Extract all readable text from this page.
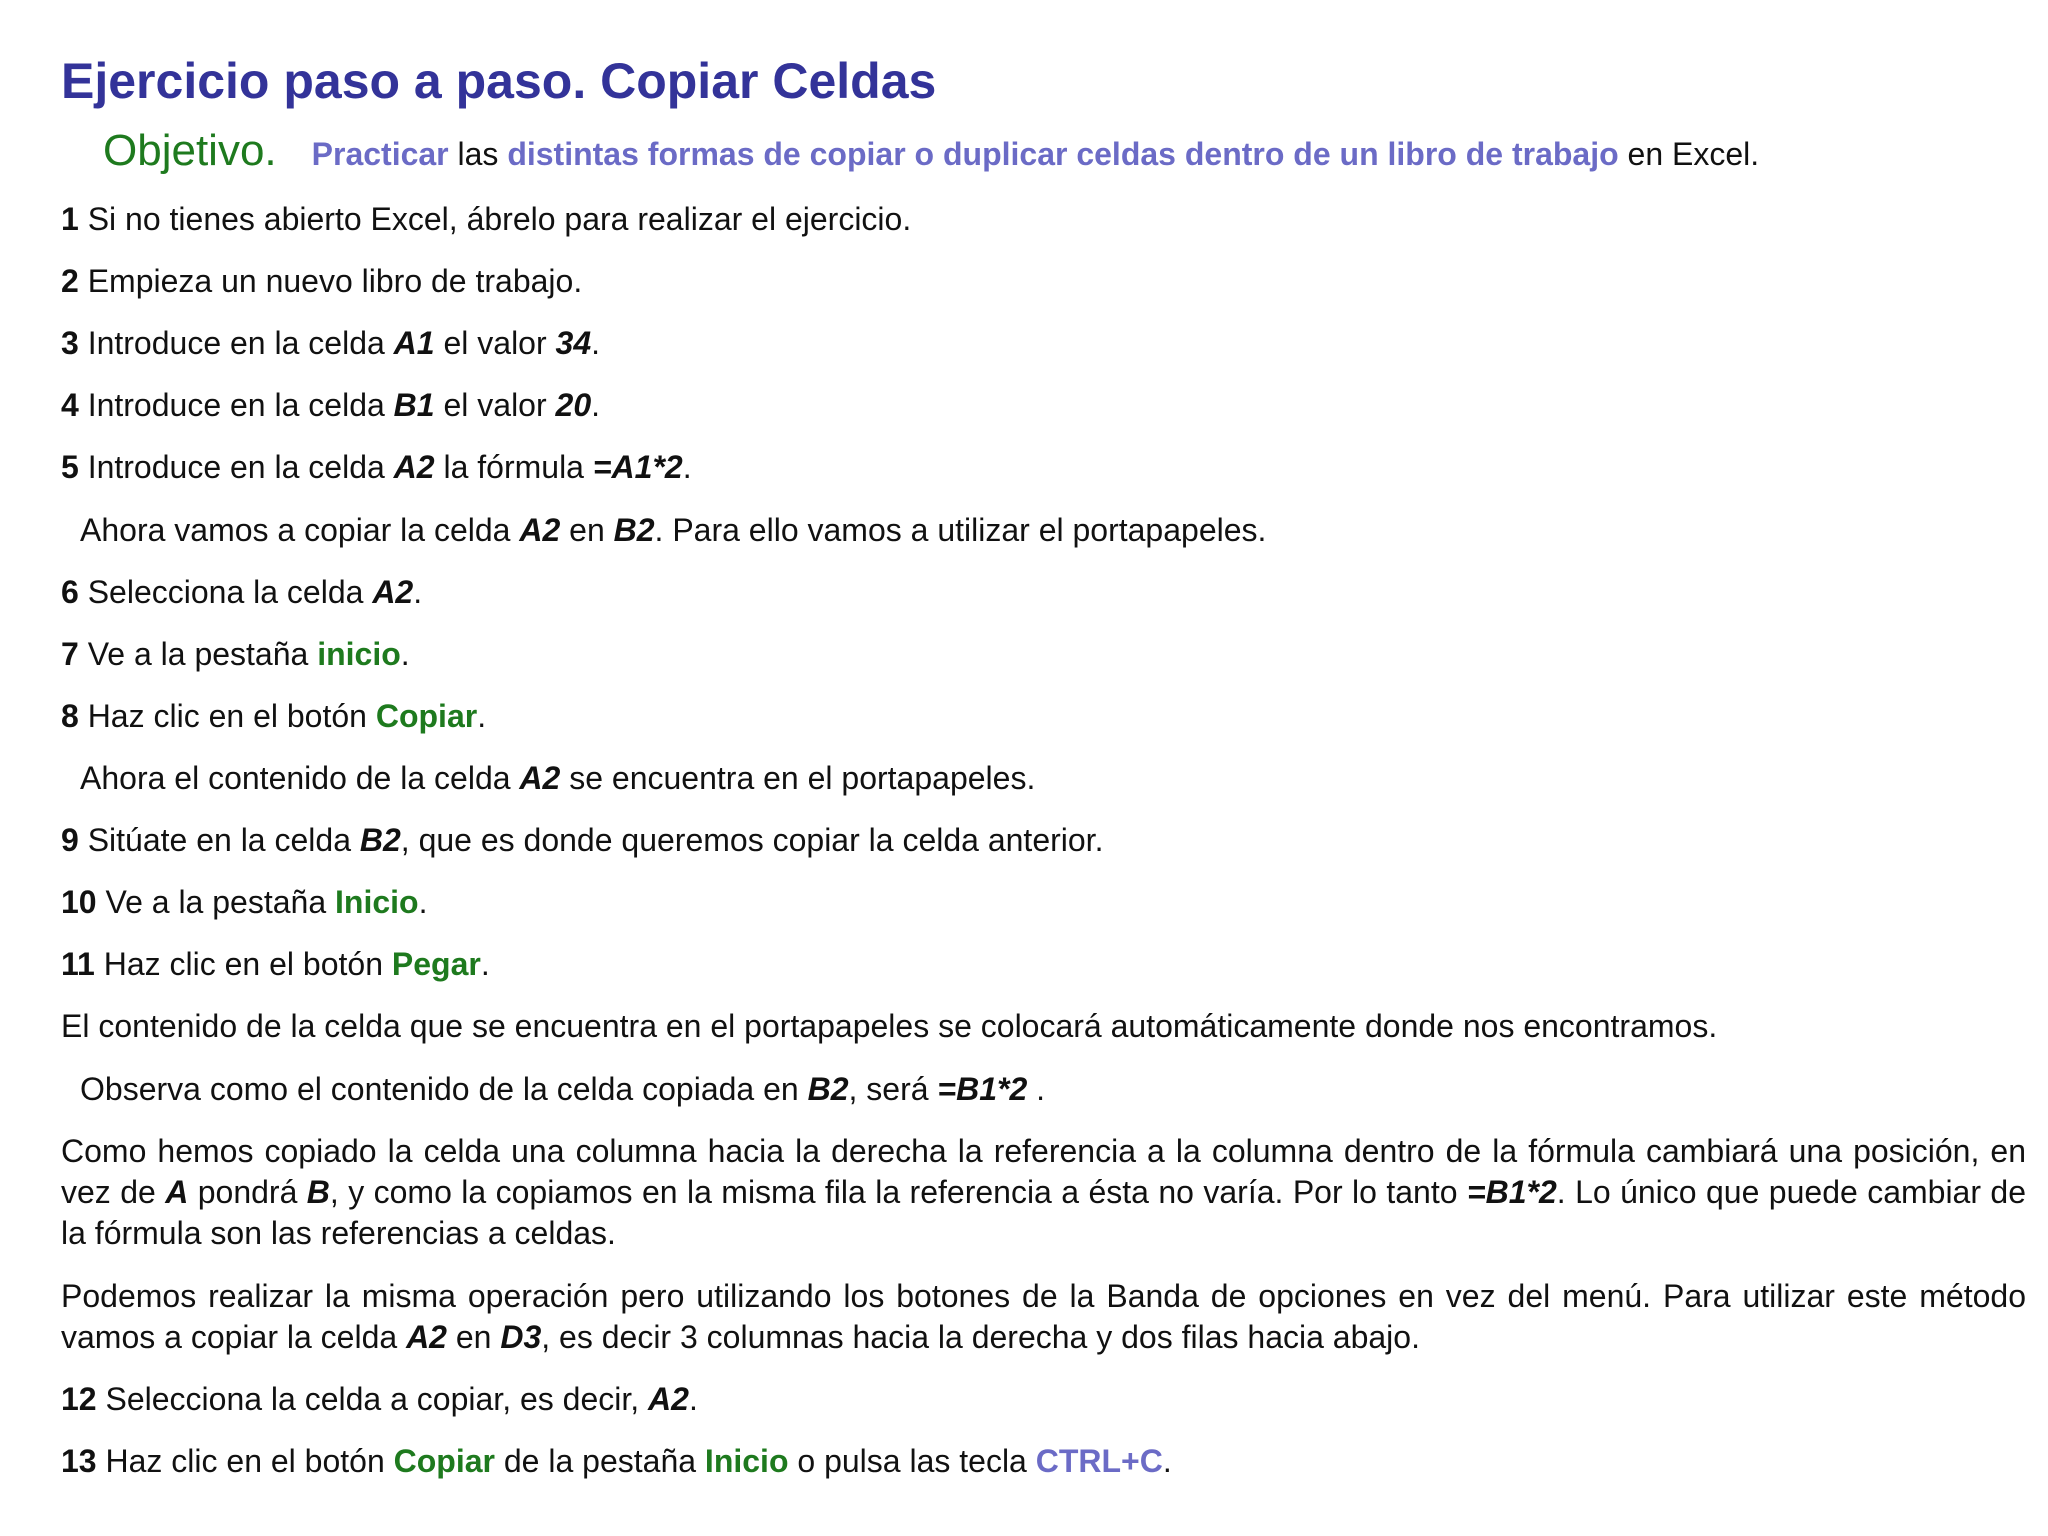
Ejercicio paso a paso. Copiar Celdas
Objetivo. Practicar las distintas formas de copiar o duplicar celdas dentro de un libro de trabajo en Excel.
1 Si no tienes abierto Excel, ábrelo para realizar el ejercicio.
2 Empieza un nuevo libro de trabajo.
3 Introduce en la celda A1 el valor 34.
4 Introduce en la celda B1 el valor 20.
5 Introduce en la celda A2 la fórmula =A1*2.
Ahora vamos a copiar la celda A2 en B2. Para ello vamos a utilizar el portapapeles.
6 Selecciona la celda A2.
7 Ve a la pestaña inicio.
8 Haz clic en el botón Copiar.
Ahora el contenido de la celda A2 se encuentra en el portapapeles.
9 Sitúate en la celda B2, que es donde queremos copiar la celda anterior.
10 Ve a la pestaña Inicio.
11 Haz clic en el botón Pegar.
El contenido de la celda que se encuentra en el portapapeles se colocará automáticamente donde nos encontramos.
Observa como el contenido de la celda copiada en B2, será =B1*2 .

Como hemos copiado la celda una columna hacia la derecha la referencia a la columna dentro de la fórmula cambiará una posición, en vez de A pondrá B, y como la copiamos en la misma fila la referencia a ésta no varía. Por lo tanto =B1*2. Lo único que puede cambiar de la fórmula son las referencias a celdas.

Podemos realizar la misma operación pero utilizando los botones de la Banda de opciones en vez del menú. Para utilizar este método vamos a copiar la celda A2 en D3, es decir 3 columnas hacia la derecha y dos filas hacia abajo.

12 Selecciona la celda a copiar, es decir, A2.
13 Haz clic en el botón Copiar de la pestaña Inicio o pulsa las tecla CTRL+C.
